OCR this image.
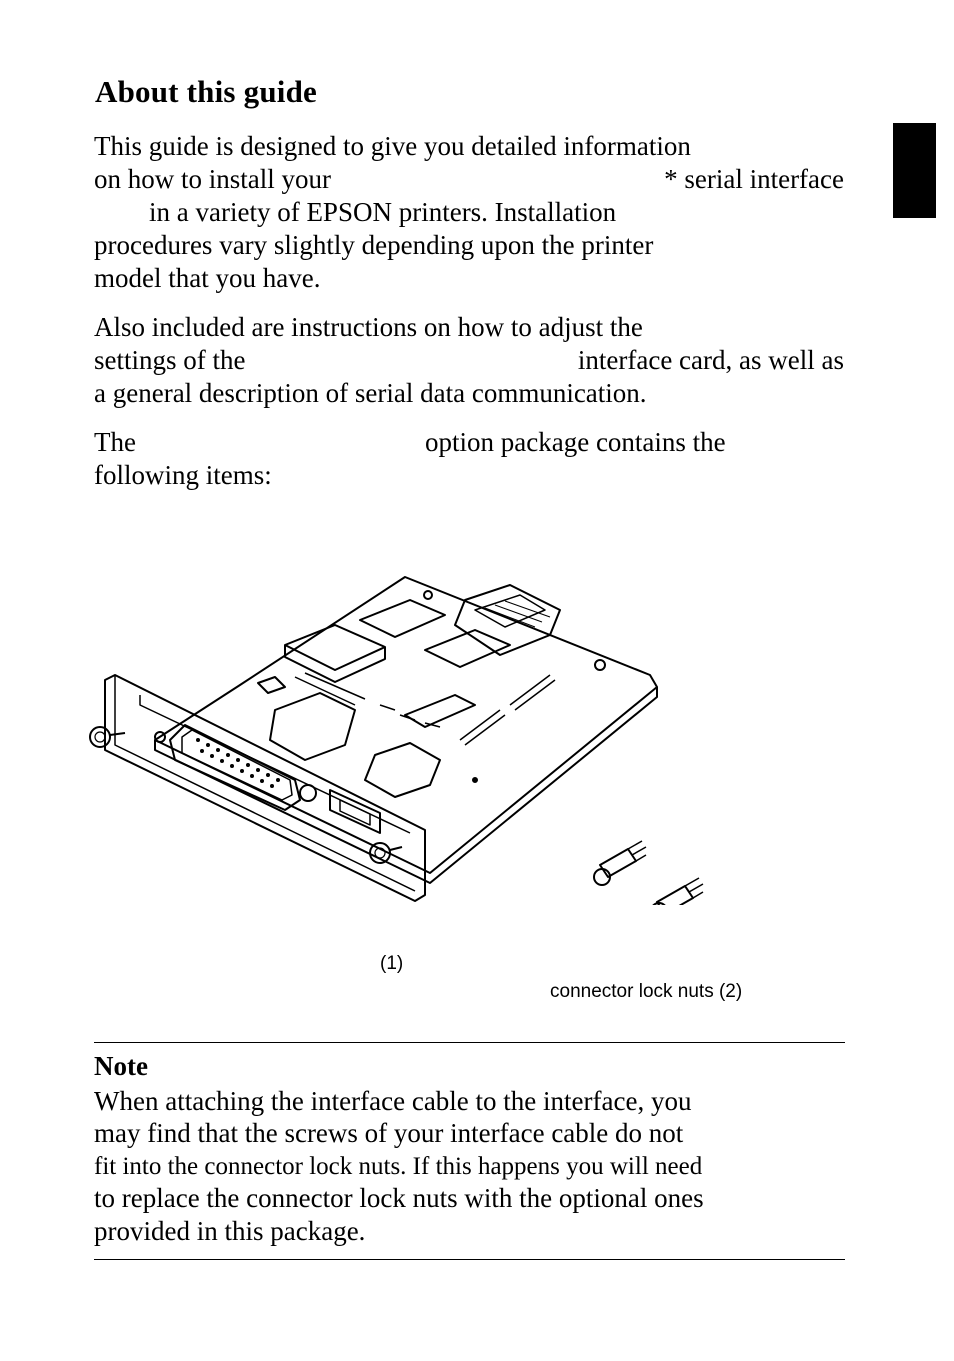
About this guide
This guide is designed to give you detailed information
on how to install your	* serial interface
in a variety of EPSON printers. Installation
procedures vary slightly depending upon the printer
model that you have.
Also included are instructions on how to adjust the
settings of the	interface card, as well as
a general description of serial data communication.
The	option package contains the
following items:
(1)
connector lock nuts (2)
Note
When attaching the interface cable to the interface, you
may find that the screws of your interface cable do not
fit into the connector lock nuts. If this happens you will need
to replace the connector lock nuts with the optional ones
provided in this package.
